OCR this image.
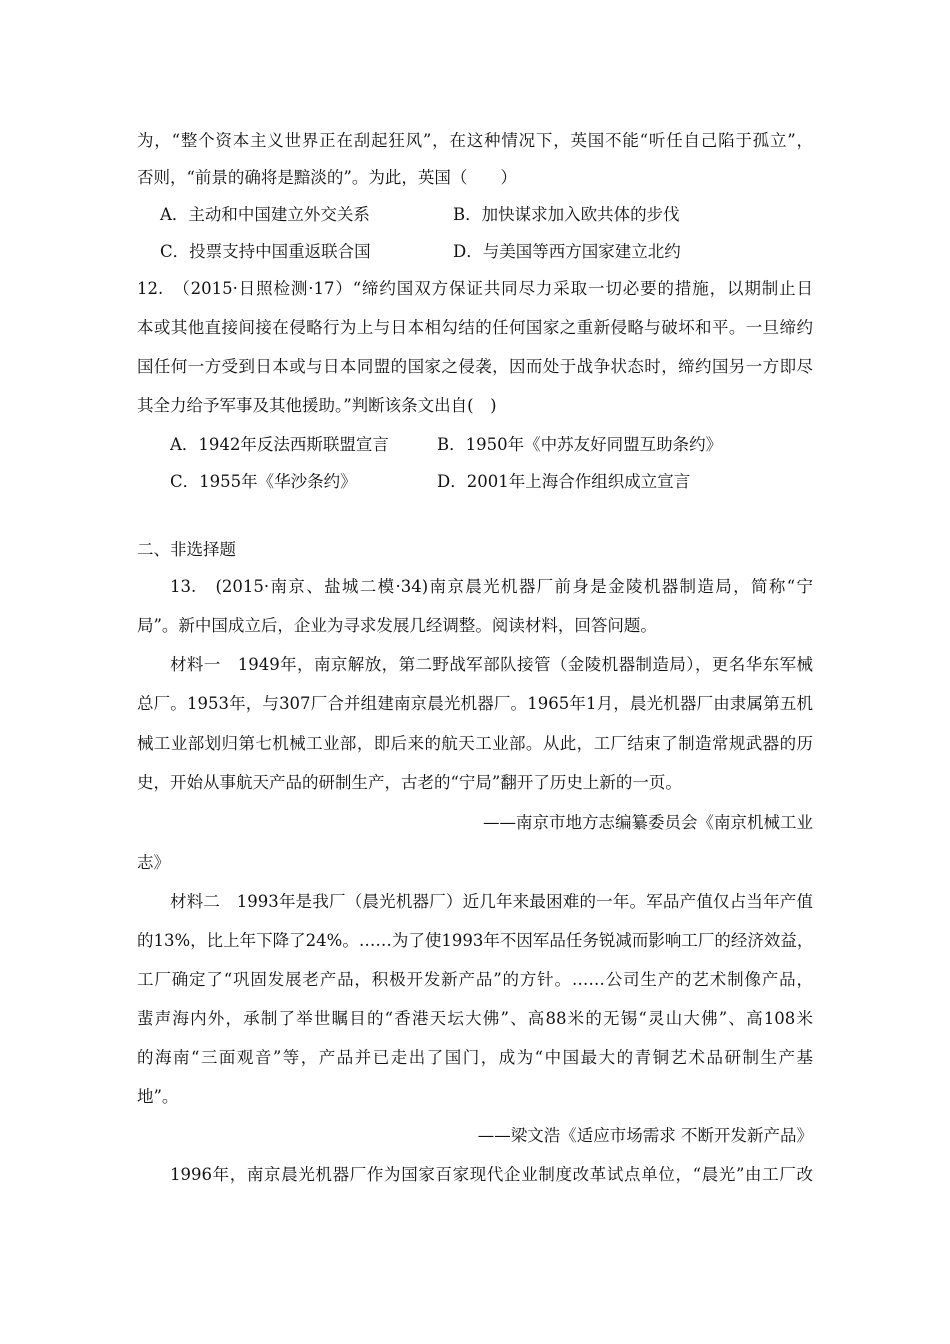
为，“整个资本主义世界正在刮起狂风”，在这种情况下，英国不能“听任自己陷于孤立”，
否则，“前景的确将是黯淡的”。为此，英国（　　）
A．主动和中国建立外交关系	B．加快谋求加入欧共体的步伐
C．投票支持中国重返联合国	D．与美国等西方国家建立北约
12.　（2015·日照检测·17）“缔约国双方保证共同尽力采取一切必要的措施，以期制止日
本或其他直接间接在侵略行为上与日本相勾结的任何国家之重新侵略与破坏和平。一旦缔约
国任何一方受到日本或与日本同盟的国家之侵袭，因而处于战争状态时，缔约国另一方即尽
其全力给予军事及其他援助。”判断该条文出自(　)
A．1942年反法西斯联盟宣言	B．1950年《中苏友好同盟互助条约》
C．1955年《华沙条约》	D．2001年上海合作组织成立宣言
二、非选择题
13.　(2015·南京、盐城二模·34)南京晨光机器厂前身是金陵机器制造局，简称“宁
局”。新中国成立后，企业为寻求发展几经调整。阅读材料，回答问题。
材料一　1949年，南京解放，第二野战军部队接管（金陵机器制造局），更名华东军械
总厂。1953年，与307厂合并组建南京晨光机器厂。1965年1月，晨光机器厂由隶属第五机
械工业部划归第七机械工业部，即后来的航天工业部。从此，工厂结束了制造常规武器的历
史，开始从事航天产品的研制生产，古老的“宁局”翻开了历史上新的一页。
——南京市地方志编纂委员会《南京机械工业
志》
材料二　1993年是我厂（晨光机器厂）近几年来最困难的一年。军品产值仅占当年产值
的13%，比上年下降了24%。……为了使1993年不因军品任务锐减而影响工厂的经济效益，
工厂确定了“巩固发展老产品，积极开发新产品”的方针。……公司生产的艺术制像产品，
蜚声海内外，承制了举世瞩目的“香港天坛大佛”、高88米的无锡“灵山大佛”、高108米
的海南“三面观音”等，产品并已走出了国门，成为“中国最大的青铜艺术品研制生产基
地”。
——梁文浩《适应市场需求 不断开发新产品》
1996年，南京晨光机器厂作为国家百家现代企业制度改革试点单位，“晨光”由工厂改
